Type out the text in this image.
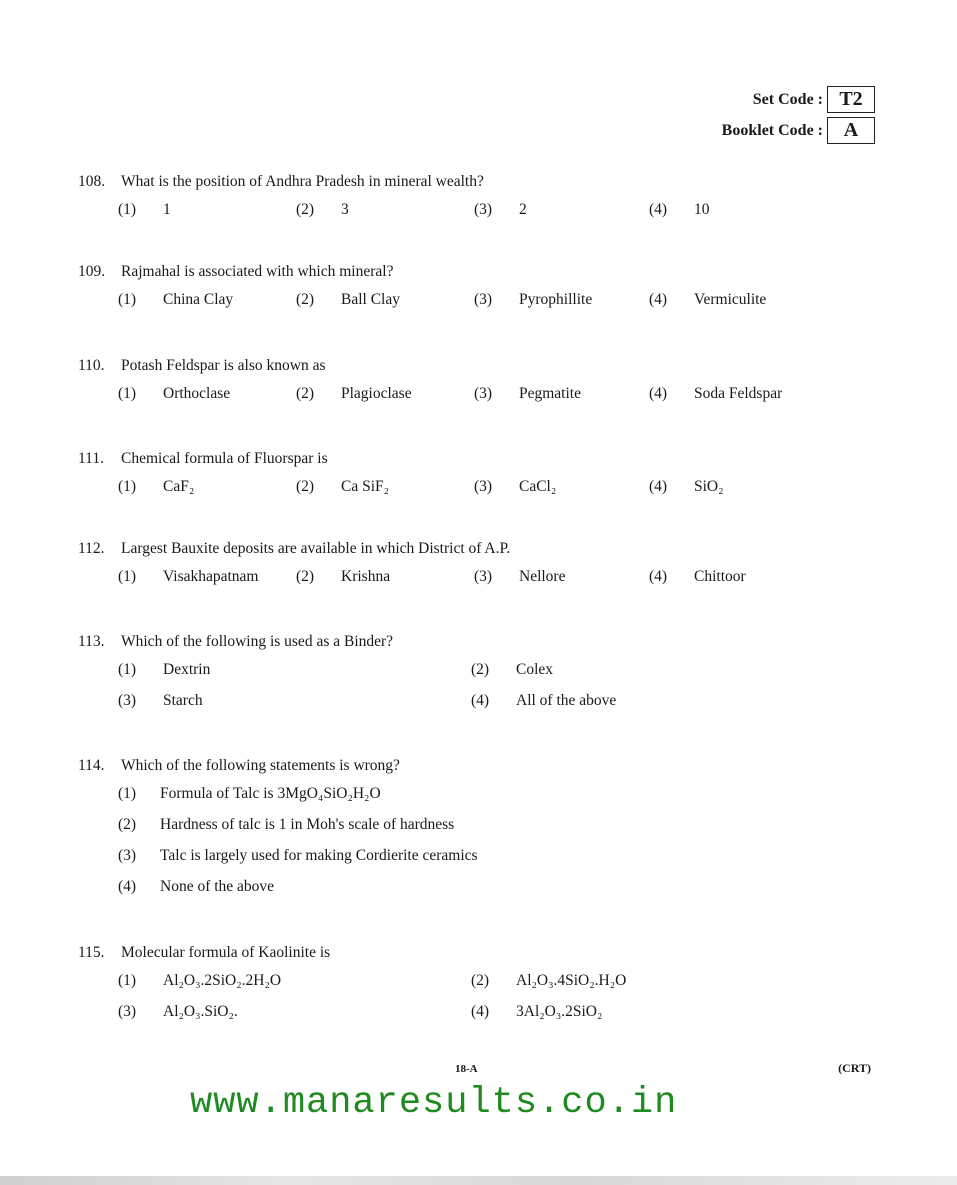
Set Code : T2
Booklet Code :	A
108. What is the position of Andhra Pradesh in mineral wealth?
(1)	1	(2)	3	(3)	2	(4)	10
109. Rajmahal is associated with which mineral?
(1)	China Clay	(2)	Ball Clay	(3)	Pyrophillite	(4)	Vermiculite
110. Potash Feldspar is also known as
(1)	Orthoclase	(2)	Plagioclase	(3)	Pegmatite	(4)	Soda Feldspar
111. Chemical formula of Fluorspar is
(1)	CaF₂	(2)	Ca SiF₂	(3)	CaCl₂	(4)	SiO₂
112. Largest Bauxite deposits are available in which District of A.P.
(1)	Visakhapatnam (2)	Krishna	(3)	Nellore	(4)	Chittoor
113. Which of the following is used as a Binder?
(1)	Dextrin	(2)	Colex
(3)	Starch	(4)	All of the above
114. Which of the following statements is wrong?
(1)	Formula of Talc is 3MgO₄SiO₂H₂O
(2)	Hardness of talc is 1 in Moh's scale of hardness
(3)	Talc is largely used for making Cordierite ceramics
(4)	None of the above
115. Molecular formula of Kaolinite is
(1)	Al₂O₃.2SiO₂.2H₂O	(2)	Al₂O₃.4SiO₂.H₂O
(3)	Al₂O₃.SiO₂.	(4)	3Al₂O₃.2SiO₂
18-A	(CRT)
www.manaresults.co.in
